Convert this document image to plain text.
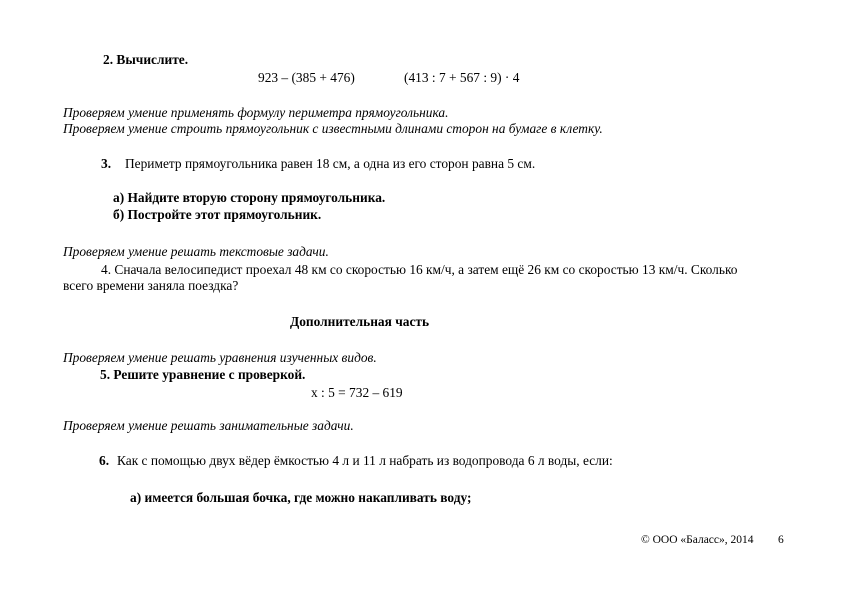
2. Вычислите.
923 – (385 + 476)	(413 : 7 + 567 : 9) · 4
Проверяем умение применять формулу периметра прямоугольника.
Проверяем умение строить прямоугольник с известными длинами сторон на бумаге в клетку.
3. Периметр прямоугольника равен 18 см, а одна из его сторон равна 5 см.
а) Найдите вторую сторону прямоугольника.
б) Постройте этот прямоугольник.
Проверяем умение решать текстовые задачи.
4. Сначала велосипедист проехал 48 км со скоростью 16 км/ч, а затем ещё 26 км со скоростью 13 км/ч. Сколько
всего времени заняла поездка?
Дополнительная часть
Проверяем умение решать уравнения изученных видов.
5. Решите уравнение с проверкой.
x : 5 = 732 – 619
Проверяем умение решать занимательные задачи.
6. Как с помощью двух вёдер ёмкостью 4 л и 11 л набрать из водопровода 6 л воды, если:
а) имеется большая бочка, где можно накапливать воду;
© ООО «Баласс», 2014 6
